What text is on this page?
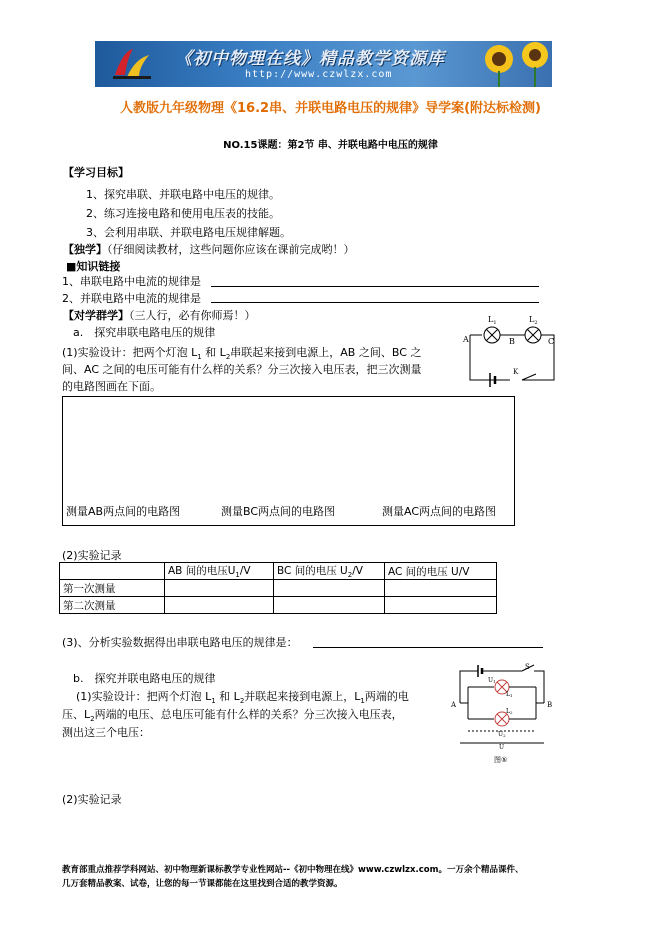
《初中物理在线》精品教学资源库
http://www.czwlzx.com
人教版九年级物理《16.2串、并联电路电压的规律》导学案(附达标检测)
NO.15课题：第2节 串、并联电路中电压的规律
【学习目标】
1、探究串联、并联电路中电压的规律。
2、练习连接电路和使用电压表的技能。
3、会利用串联、并联电路电压规律解题。
【独学】（仔细阅读教材，这些问题你应该在课前完成哟！）
■知识链接
1、串联电路中电流的规律是
2、并联电路中电流的规律是
【对学群学】（三人行，必有你师焉！）
a.　探究串联电路电压的规律
(1)实验设计：把两个灯泡 $L_1$ 和 $L_2$串联起来接到电源上，AB 之间、BC 之
间、AC 之间的电压可能有什么样的关系？分三次接入电压表，把三次测量
的电路图画在下面。
A	B	C
K
$L_1$	$L_2$
测量AB两点间的电路图	测量BC两点间的电路图	测量AC两点间的电路图
(2)实验记录
	AB 间的电压$U_1/V$	BC 间的电压 $U_2/V$	AC 间的电压 U/V
第一次测量			
第二次测量			
(3)、分析实验数据得出串联电路电压的规律是：
b.　探究并联电路电压的规律
(1)实验设计：把两个灯泡 $L_1$ 和 $L_2$并联起来接到电源上，$L_1$两端的电
压、$L_2$两端的电压、总电压可能有什么样的关系？分三次接入电压表，
测出这三个电压：
A	B
S
U1
L1
L2
U2
U
图⑤
(2)实验记录
教育部重点推荐学科网站、初中物理新课标教学专业性网站--《初中物理在线》www.czwlzx.com。一万余个精品课件、
几万套精品教案、试卷，让您的每一节课都能在这里找到合适的教学资源。
